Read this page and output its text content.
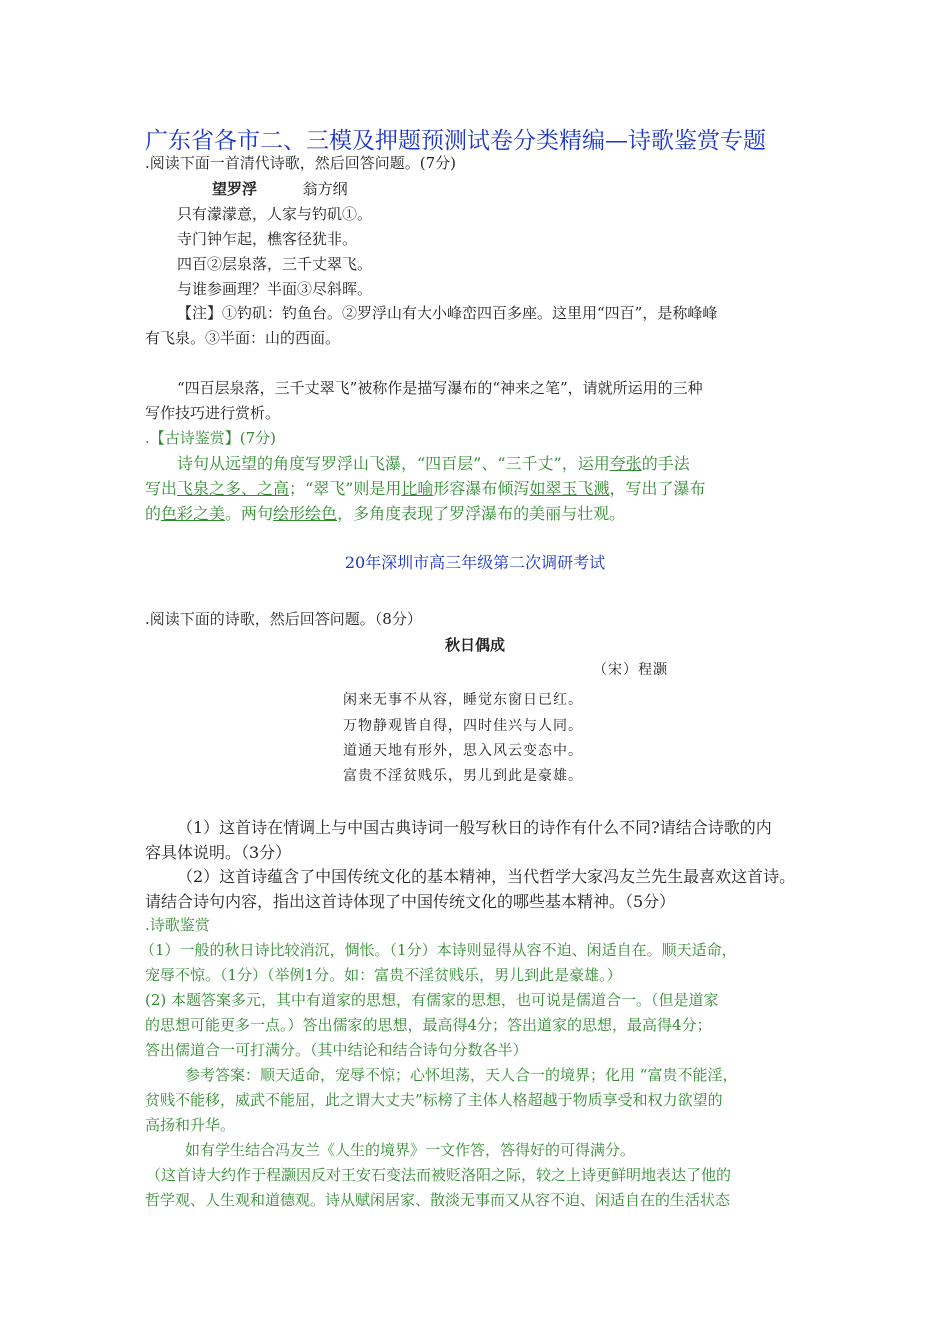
广东省各市二、三模及押题预测试卷分类精编—诗歌鉴赏专题
.阅读下面一首清代诗歌，然后回答问题。(7分)
望罗浮	翁方纲
只有濛濛意，人家与钓矶①。
寺门钟乍起，樵客径犹非。
四百②层泉落，三千丈翠飞。
与谁参画理？半面③尽斜晖。
【注】①钓矶：钓鱼台。②罗浮山有大小峰峦四百多座。这里用“四百”，是称峰峰
有飞泉。③半面：山的西面。
“四百层泉落，三千丈翠飞”被称作是描写瀑布的“神来之笔”，请就所运用的三种
写作技巧进行赏析。
.【古诗鉴赏】(7分)
诗句从远望的角度写罗浮山飞瀑，“四百层”、“三千丈”，运用夸张的手法
写出飞泉之多、之高；“翠飞”则是用比喻形容瀑布倾泻如翠玉飞溅，写出了瀑布
的色彩之美。两句绘形绘色，多角度表现了罗浮瀑布的美丽与壮观。
20年深圳市高三年级第二次调研考试
.阅读下面的诗歌，然后回答问题。（8分）
秋日偶成
（宋）程灏
闲来无事不从容，睡觉东窗日已红。
万物静观皆自得，四时佳兴与人同。
道通天地有形外，思入风云变态中。
富贵不淫贫贱乐，男儿到此是豪雄。
（1）这首诗在情调上与中国古典诗词一般写秋日的诗作有什么不同?请结合诗歌的内
容具体说明。（3分）
（2）这首诗蕴含了中国传统文化的基本精神，当代哲学大家冯友兰先生最喜欢这首诗。
请结合诗句内容，指出这首诗体现了中国传统文化的哪些基本精神。（5分）
.诗歌鉴赏
（1）一般的秋日诗比较消沉，惆怅。（1分）本诗则显得从容不迫、闲适自在。顺天适命，
宠辱不惊。（1分）（举例1分。如：富贵不淫贫贱乐，男儿到此是豪雄。）
(2) 本题答案多元，其中有道家的思想，有儒家的思想，也可说是儒道合一。（但是道家
的思想可能更多一点。）答出儒家的思想，最高得4分；答出道家的思想，最高得4分；
答出儒道合一可打满分。（其中结论和结合诗句分数各半）
参考答案：顺天适命，宠辱不惊；心怀坦荡，天人合一的境界；化用 “富贵不能淫，
贫贱不能移，威武不能屈，此之谓大丈夫”标榜了主体人格超越于物质享受和权力欲望的
高扬和升华。
如有学生结合冯友兰《人生的境界》一文作答，答得好的可得满分。
（这首诗大约作于程灏因反对王安石变法而被贬洛阳之际，较之上诗更鲜明地表达了他的
哲学观、人生观和道德观。诗从赋闲居家、散淡无事而又从容不迫、闲适自在的生活状态
